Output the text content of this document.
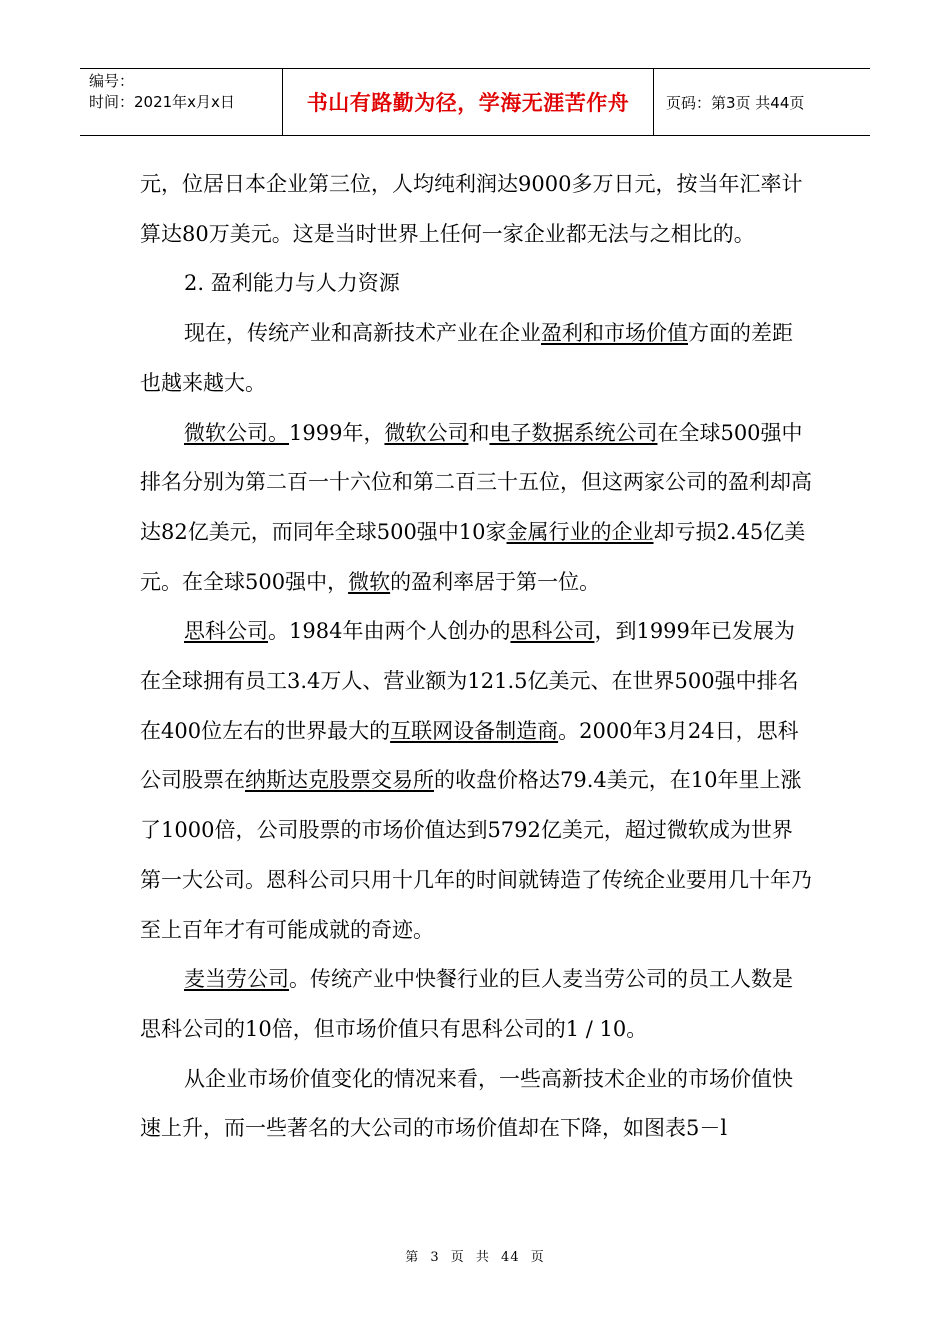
编号：
时间：2021年x月x日	书山有路勤为径，学海无涯苦作舟 页码：第3页 共44页

元，位居日本企业第三位，人均纯利润达9000多万日元，按当年汇率计算达80万美元。这是当时世界上任何一家企业都无法与之相比的。

2. 盈利能力与人力资源

现在，传统产业和高新技术产业在企业盈利和市场价值方面的差距也越来越大。

微软公司。1999年，微软公司和电子数据系统公司在全球500强中排名分别为第二百一十六位和第二百三十五位，但这两家公司的盈利却高达82亿美元，而同年全球500强中10家金属行业的企业却亏损2.45亿美元。在全球500强中，微软的盈利率居于第一位。

思科公司。1984年由两个人创办的思科公司，到1999年已发展为在全球拥有员工3.4万人、营业额为121.5亿美元、在世界500强中排名在400位左右的世界最大的互联网设备制造商。2000年3月24日，思科公司股票在纳斯达克股票交易所的收盘价格达79.4美元，在10年里上涨了1000倍，公司股票的市场价值达到5792亿美元，超过微软成为世界第一大公司。恩科公司只用十几年的时间就铸造了传统企业要用几十年乃至上百年才有可能成就的奇迹。

麦当劳公司。传统产业中快餐行业的巨人麦当劳公司的员工人数是思科公司的10倍，但市场价值只有思科公司的1 / 10。

从企业市场价值变化的情况来看，一些高新技术企业的市场价值快速上升，而一些著名的大公司的市场价值却在下降，如图表5－l

第 3 页 共 44 页
